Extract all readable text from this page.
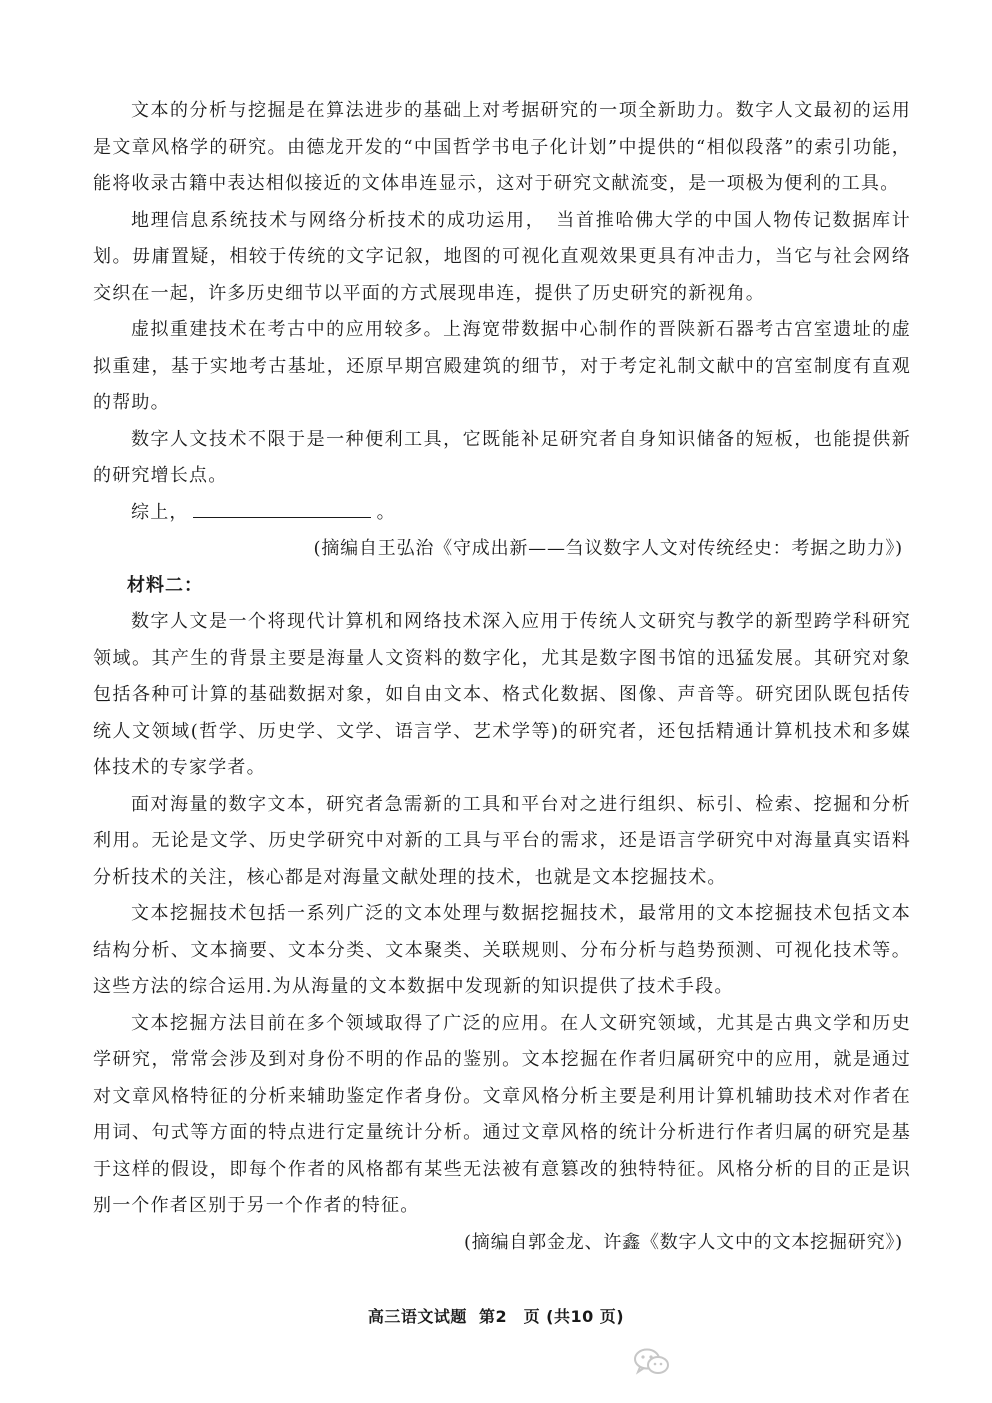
文本的分析与挖掘是在算法进步的基础上对考据研究的一项全新助力。数字人文最初的运用是文章风格学的研究。由德龙开发的“中国哲学书电子化计划”中提供的“相似段落”的索引功能，能将收录古籍中表达相似接近的文体串连显示，这对于研究文献流变，是一项极为便利的工具。

地理信息系统技术与网络分析技术的成功运用，　当首推哈佛大学的中国人物传记数据库计划。毋庸置疑，相较于传统的文字记叙，地图的可视化直观效果更具有冲击力，当它与社会网络交织在一起，许多历史细节以平面的方式展现串连，提供了历史研究的新视角。

虚拟重建技术在考古中的应用较多。上海宽带数据中心制作的晋陕新石器考古宫室遗址的虚拟重建，基于实地考古基址，还原早期宫殿建筑的细节，对于考定礼制文献中的宫室制度有直观的帮助。

数字人文技术不限于是一种便利工具，它既能补足研究者自身知识储备的短板，也能提供新的研究增长点。

综上，	。

(摘编自王弘治《守成出新——刍议数字人文对传统经史：考据之助力》)

材料二：

数字人文是一个将现代计算机和网络技术深入应用于传统人文研究与教学的新型跨学科研究领域。其产生的背景主要是海量人文资料的数字化，尤其是数字图书馆的迅猛发展。其研究对象包括各种可计算的基础数据对象，如自由文本、格式化数据、图像、声音等。研究团队既包括传统人文领域(哲学、历史学、文学、语言学、艺术学等)的研究者，还包括精通计算机技术和多媒体技术的专家学者。

面对海量的数字文本，研究者急需新的工具和平台对之进行组织、标引、检索、挖掘和分析利用。无论是文学、历史学研究中对新的工具与平台的需求，还是语言学研究中对海量真实语料分析技术的关注，核心都是对海量文献处理的技术，也就是文本挖掘技术。

文本挖掘技术包括一系列广泛的文本处理与数据挖掘技术，最常用的文本挖掘技术包括文本结构分析、文本摘要、文本分类、文本聚类、关联规则、分布分析与趋势预测、可视化技术等。这些方法的综合运用.为从海量的文本数据中发现新的知识提供了技术手段。

文本挖掘方法目前在多个领域取得了广泛的应用。在人文研究领域，尤其是古典文学和历史学研究，常常会涉及到对身份不明的作品的鉴别。文本挖掘在作者归属研究中的应用，就是通过对文章风格特征的分析来辅助鉴定作者身份。文章风格分析主要是利用计算机辅助技术对作者在用词、句式等方面的特点进行定量统计分析。通过文章风格的统计分析进行作者归属的研究是基于这样的假设，即每个作者的风格都有某些无法被有意篡改的独特特征。风格分析的目的正是识别一个作者区别于另一个作者的特征。

(摘编自郭金龙、许鑫《数字人文中的文本挖掘研究》)

高三语文试题 第2　页 (共10 页)
